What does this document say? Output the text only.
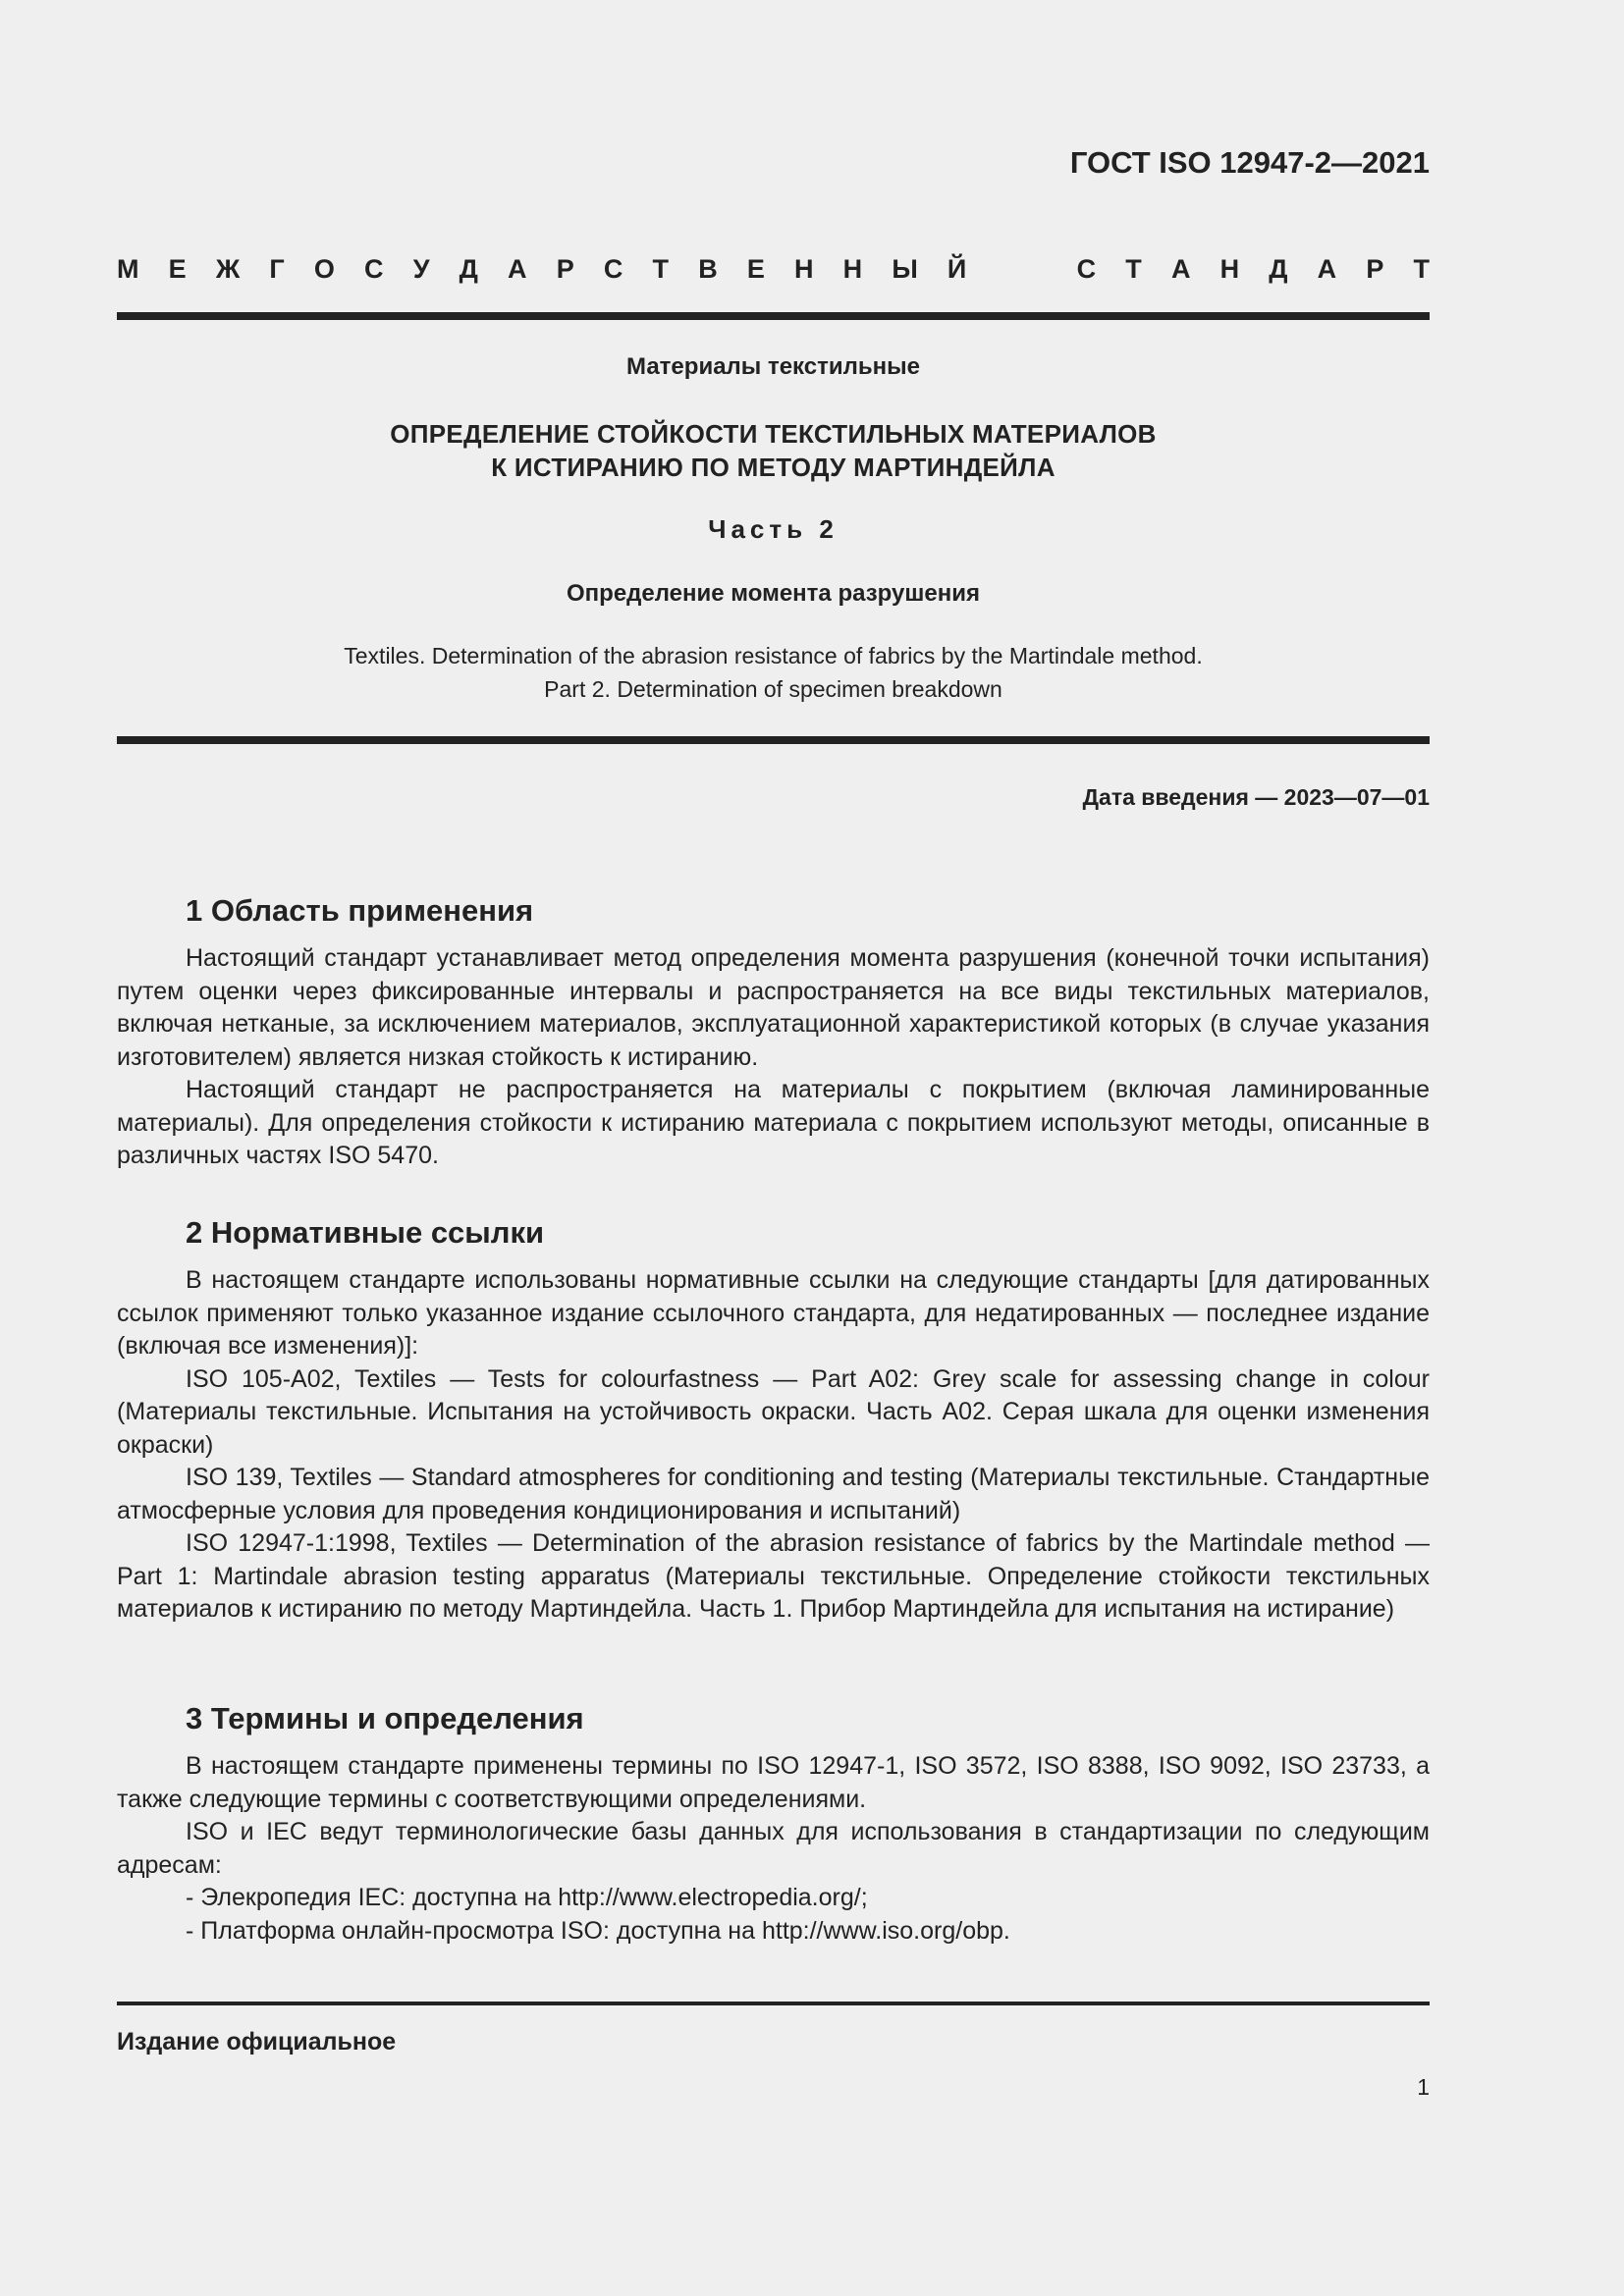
ГОСТ ISO 12947-2—2021
М Е Ж Г О С У Д А Р С Т В Е Н Н Ы Й	С Т А Н Д А Р Т
Материалы текстильные
ОПРЕДЕЛЕНИЕ СТОЙКОСТИ ТЕКСТИЛЬНЫХ МАТЕРИАЛОВ
К ИСТИРАНИЮ ПО МЕТОДУ МАРТИНДЕЙЛА
Часть 2
Определение момента разрушения
Textiles. Determination of the abrasion resistance of fabrics by the Martindale method.
Part 2. Determination of specimen breakdown
Дата введения — 2023—07—01
1 Область применения

Настоящий стандарт устанавливает метод определения момента разрушения (конечной точки испытания) путем оценки через фиксированные интервалы и распространяется на все виды текстильных материалов, включая нетканые, за исключением материалов, эксплуатационной характеристикой которых (в случае указания изготовителем) является низкая стойкость к истиранию.

Настоящий стандарт не распространяется на материалы с покрытием (включая ламинированные материалы). Для определения стойкости к истиранию материала с покрытием используют методы, описанные в различных частях ISO 5470.

2 Нормативные ссылки

В настоящем стандарте использованы нормативные ссылки на следующие стандарты [для датированных ссылок применяют только указанное издание ссылочного стандарта, для недатированных — последнее издание (включая все изменения)]:

ISO 105-A02, Textiles — Tests for colourfastness — Part A02: Grey scale for assessing change in colour (Материалы текстильные. Испытания на устойчивость окраски. Часть А02. Серая шкала для оценки изменения окраски)

ISO 139, Textiles — Standard atmospheres for conditioning and testing (Материалы текстильные. Стандартные атмосферные условия для проведения кондиционирования и испытаний)

ISO 12947-1:1998, Textiles — Determination of the abrasion resistance of fabrics by the Martindale method — Part 1: Martindale abrasion testing apparatus (Материалы текстильные. Определение стойкости текстильных материалов к истиранию по методу Мартиндейла. Часть 1. Прибор Мартиндейла для испытания на истирание)

3 Термины и определения

В настоящем стандарте применены термины по ISO 12947-1, ISO 3572, ISO 8388, ISO 9092, ISO 23733, а также следующие термины с соответствующими определениями.

ISO и IEC ведут терминологические базы данных для использования в стандартизации по следующим адресам:

- Элекропедия IEC: доступна на http://www.electropedia.org/;

- Платформа онлайн-просмотра ISO: доступна на http://www.iso.org/obp.

Издание официальное
1
